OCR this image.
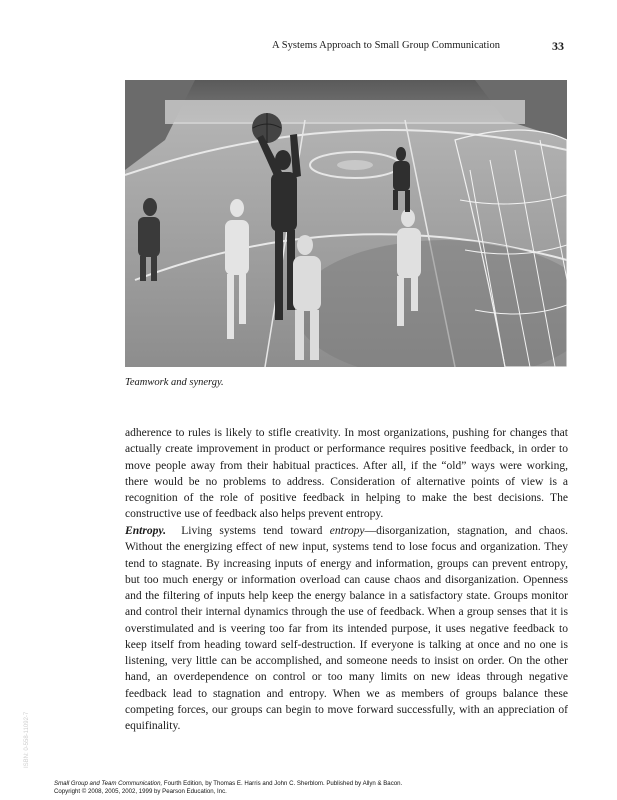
A Systems Approach to Small Group Communication	33
Teamwork and synergy.

adherence to rules is likely to stifle creativity. In most organizations, pushing for changes that actually create improvement in product or performance requires positive feedback, in order to move people away from their habitual practices. After all, if the “old” ways were working, there would be no problems to address. Consideration of alternative points of view is a recognition of the role of positive feedback in helping to make the best decisions. The constructive use of feedback also helps prevent entropy.

Entropy. Living systems tend toward entropy—disorganization, stagnation, and chaos. Without the energizing effect of new input, systems tend to lose focus and organization. They tend to stagnate. By increasing inputs of energy and information, groups can prevent entropy, but too much energy or information overload can cause chaos and disorganization. Openness and the filtering of inputs help keep the energy balance in a satisfactory state. Groups monitor and control their internal dynamics through the use of feedback. When a group senses that it is overstimulated and is veering too far from its intended purpose, it uses negative feedback to keep itself from heading toward self-destruction. If everyone is talking at once and no one is listening, very little can be accomplished, and someone needs to insist on order. On the other hand, an overdependence on control or too many limits on new ideas through negative feedback lead to stagnation and entropy. When we as members of groups balance these competing forces, our groups can begin to move forward successfully, with an appreciation of equifinality.

ISBN: 0-558-11092-7
Small Group and Team Communication, Fourth Edition, by Thomas E. Harris and John C. Sherblom. Published by Allyn & Bacon.
Copyright © 2008, 2005, 2002, 1999 by Pearson Education, Inc.
